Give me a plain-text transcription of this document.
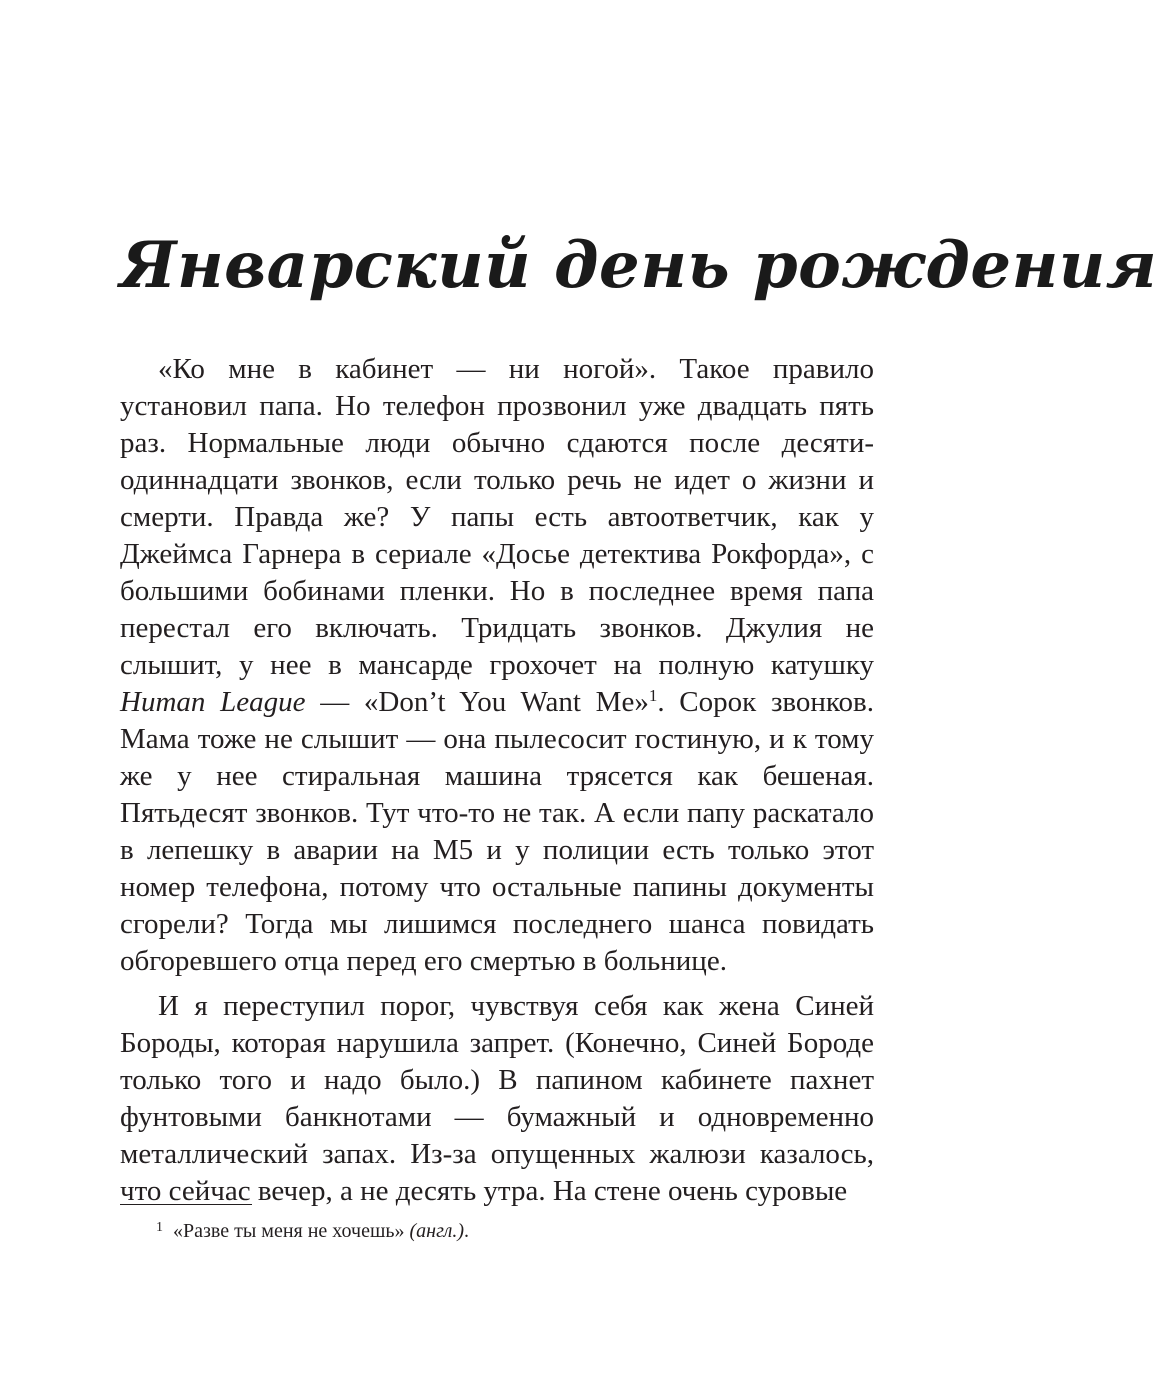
Январский день рождения

«Ко мне в кабинет — ни ногой». Такое правило установил папа. Но телефон прозвонил уже двадцать пять раз. Нормальные люди обычно сдаются после десяти-одиннадцати звонков, если только речь не идет о жизни и смерти. Правда же? У папы есть автоответчик, как у Джеймса Гарнера в сериале «Досье детектива Рокфорда», с большими бобинами пленки. Но в последнее время папа перестал его включать. Тридцать звонков. Джулия не слышит, у нее в мансарде грохочет на полную катушку Human League — «Don’t You Want Me»$^1$. Сорок звонков. Мама тоже не слышит — она пылесосит гостиную, и к тому же у нее стиральная машина трясется как бешеная. Пятьдесят звонков. Тут что-то не так. А если папу раскатало в лепешку в аварии на М5 и у полиции есть только этот номер телефона, потому что остальные папины документы сгорели? Тогда мы лишимся последнего шанса повидать обгоревшего отца перед его смертью в больнице.

И я переступил порог, чувствуя себя как жена Синей Бороды, которая нарушила запрет. (Конечно, Синей Бороде только того и надо было.) В папином кабинете пахнет фунтовыми банкнотами — бумажный и одновременно металлический запах. Из-за опущенных жалюзи казалось, что сейчас вечер, а не десять утра. На стене очень суровые

$^1$ «Разве ты меня не хочешь» (англ.).
